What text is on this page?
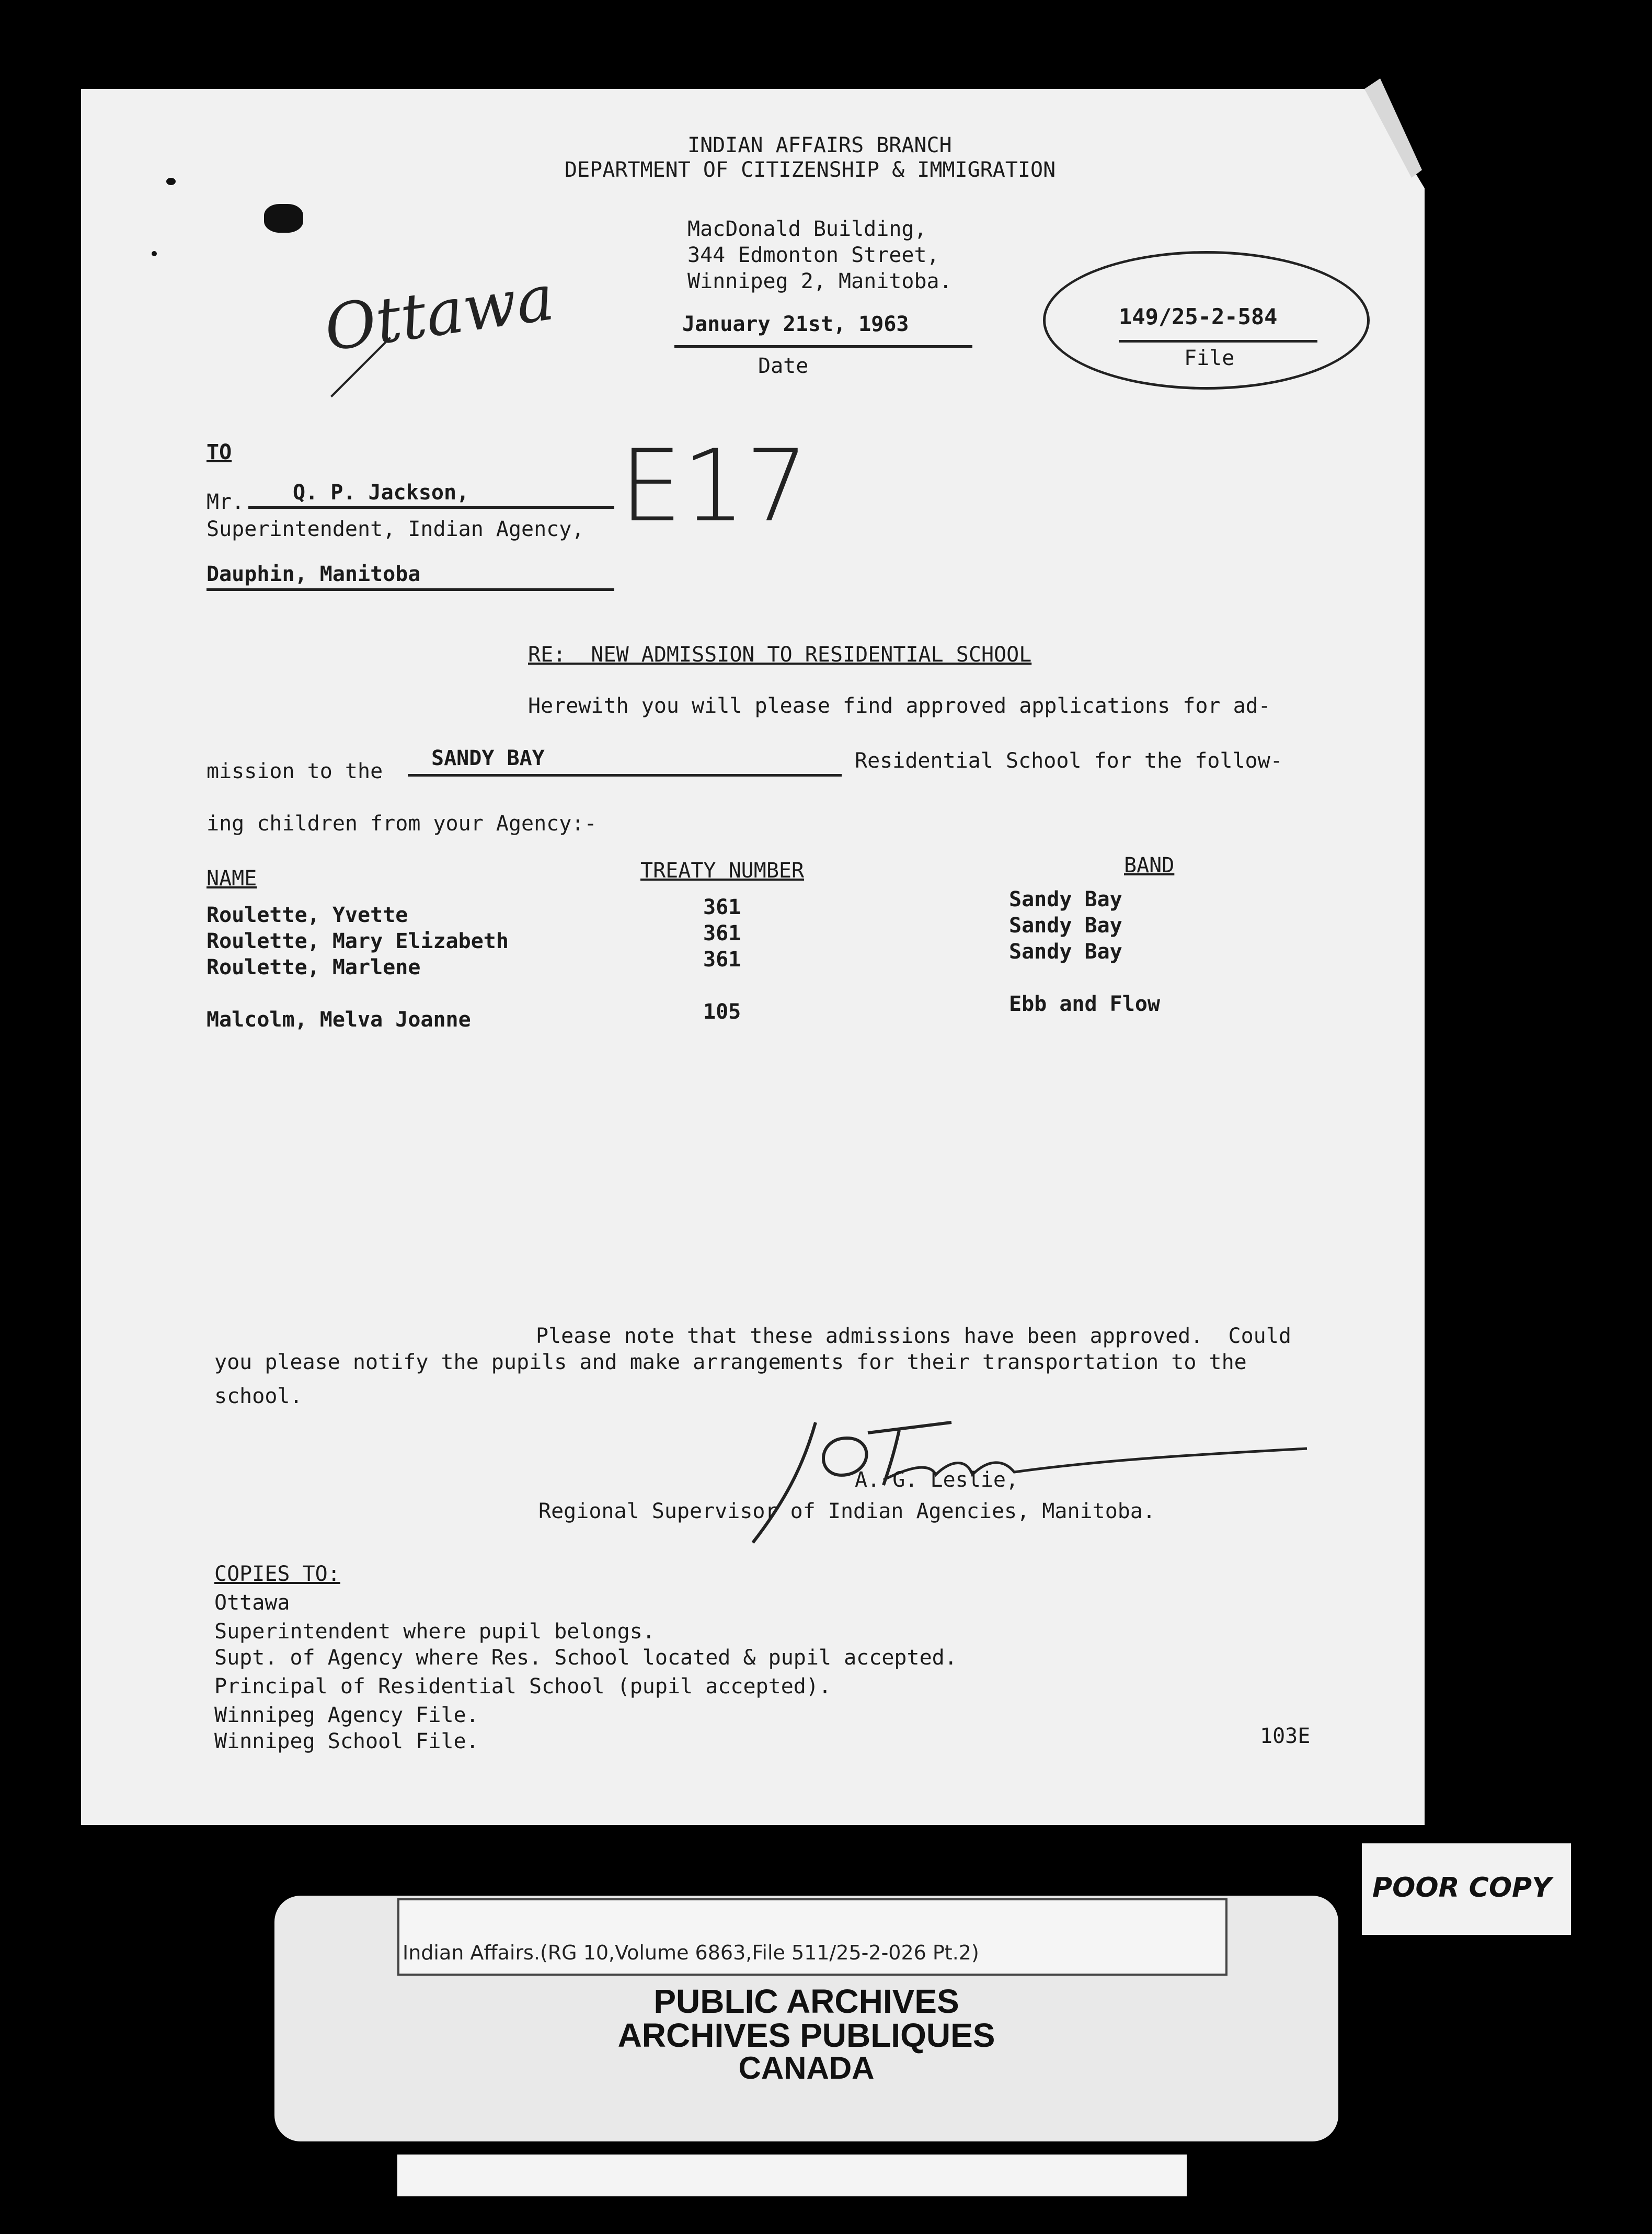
INDIAN AFFAIRS BRANCH
DEPARTMENT OF CITIZENSHIP & IMMIGRATION
MacDonald Building,
344 Edmonton Street,
Winnipeg 2, Manitoba.
Ottawa	January 21st, 1963
Date
149/25-2-584
File
TO
Mr. Q. P. Jackson,
Superintendent, Indian Agency,
Dauphin, Manitoba
E17
RE:  NEW ADMISSION TO RESIDENTIAL SCHOOL
Herewith you will please find approved applications for ad-
mission to the
SANDY BAY	Residential School for the follow-
ing children from your Agency:-
NAME	TREATY NUMBER	BAND
Roulette, Yvette	361	Sandy Bay
Roulette, Mary Elizabeth	361	Sandy Bay
Roulette, Marlene	361	Sandy Bay
Malcolm, Melva Joanne	105	Ebb and Flow
Please note that these admissions have been approved.  Could
you please notify the pupils and make arrangements for their transportation to the
school.
A. G. Leslie,
Regional Supervisor of Indian Agencies, Manitoba.
COPIES TO:
Ottawa
Superintendent where pupil belongs.
Supt. of Agency where Res. School located & pupil accepted.
Principal of Residential School (pupil accepted).
Winnipeg Agency File.
Winnipeg School File.	103E
Indian Affairs.(RG 10,Volume 6863,File 511/25-2-026 Pt.2)
PUBLIC ARCHIVES
ARCHIVES PUBLIQUES
CANADA
POOR COPY
